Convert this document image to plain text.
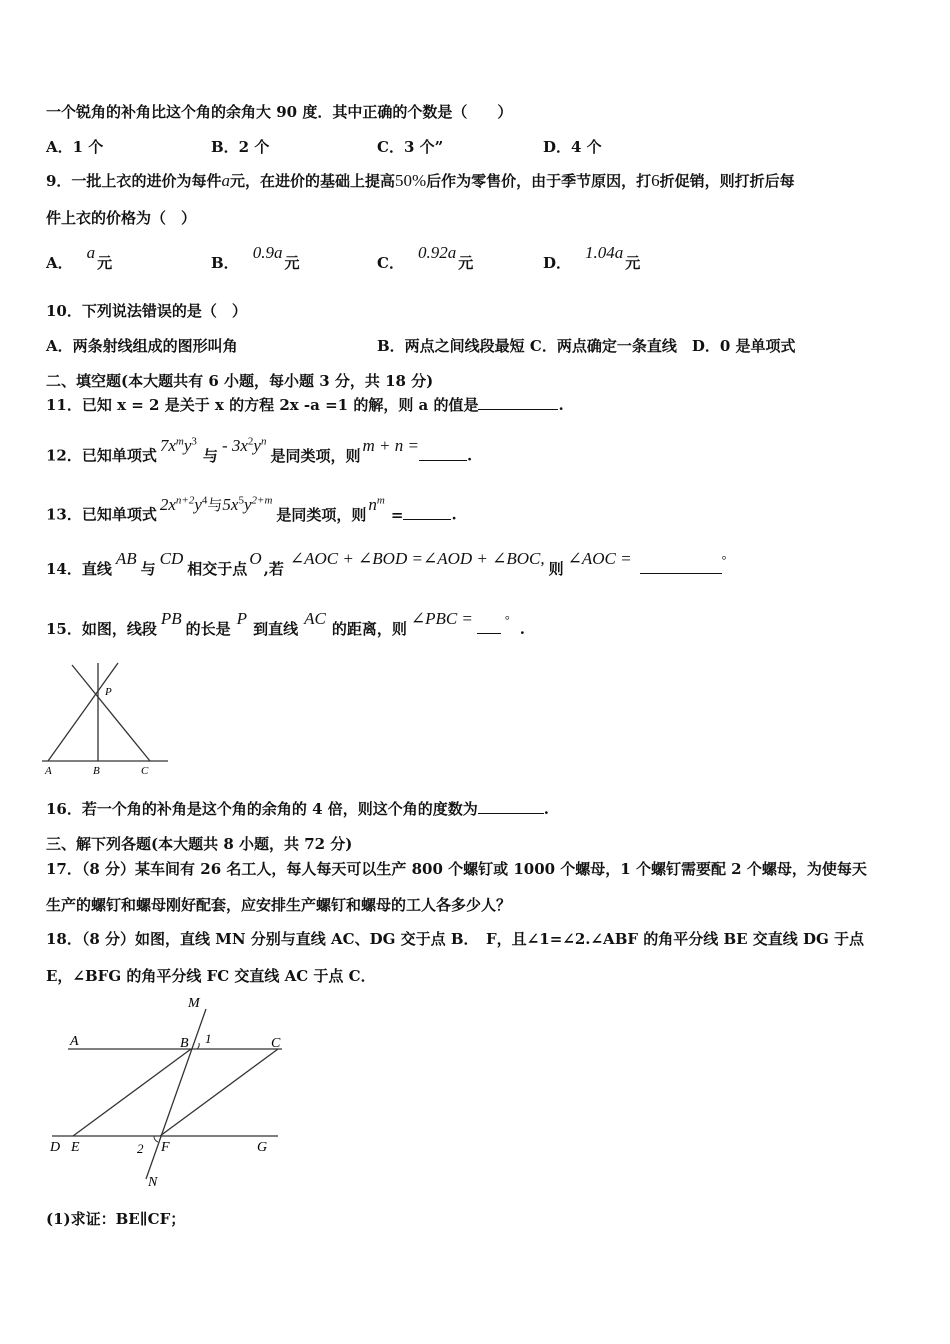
一个锐角的补角比这个角的余角大 90 度．其中正确的个数是（　　）
A．1 个	B．2 个	C．3 个”	D．4 个
9．一批上衣的进价为每件a元，在进价的基础上提高50%后作为零售价，由于季节原因，打6折促销，则打折后每
件上衣的价格为（　）
A．a元	B．0.9a元	C．0.92a元	D．1.04a元
10．下列说法错误的是（　）
A．两条射线组成的图形叫角	B．两点之间线段最短 C．两点确定一条直线　D．0 是单项式
二、填空题(本大题共有 6 小题，每小题 3 分，共 18 分)
11．已知 x = 2 是关于 x 的方程 2x -a =1 的解，则 a 的值是	.
12．已知单项式$7x^my^3$与- $3x^2y^n$是同类项，则m + n =.
13．已知单项式$2x^{n+2}y^4$与$5x^5y^{2+m}$是同类项，则$n^m=$	.
14．直线AB与CD相交于点O,若∠AOC + ∠BOD =∠AOD + ∠BOC,则∠AOC =	°
15．如图，线段PB的长是P到直线AC的距离，则∠PBC =	° .
P
A	B	C
16．若一个角的补角是这个角的余角的 4 倍，则这个角的度数为	.
三、解下列各题(本大题共 8 小题，共 72 分)
17．（8 分）某车间有 26 名工人，每人每天可以生产 800 个螺钉或 1000 个螺母，1 个螺钉需要配 2 个螺母，为使每天
生产的螺钉和螺母刚好配套，应安排生产螺钉和螺母的工人各多少人？
18．（8 分）如图，直线 MN 分别与直线 AC、DG 交于点 B．　F，且∠1=∠2.∠ABF 的角平分线 BE 交直线 DG 于点
E，∠BFG 的角平分线 FC 交直线 AC 于点 C．
M
A	B 1	C
D E	2 F	G
N
(1)求证：BE∥CF；
